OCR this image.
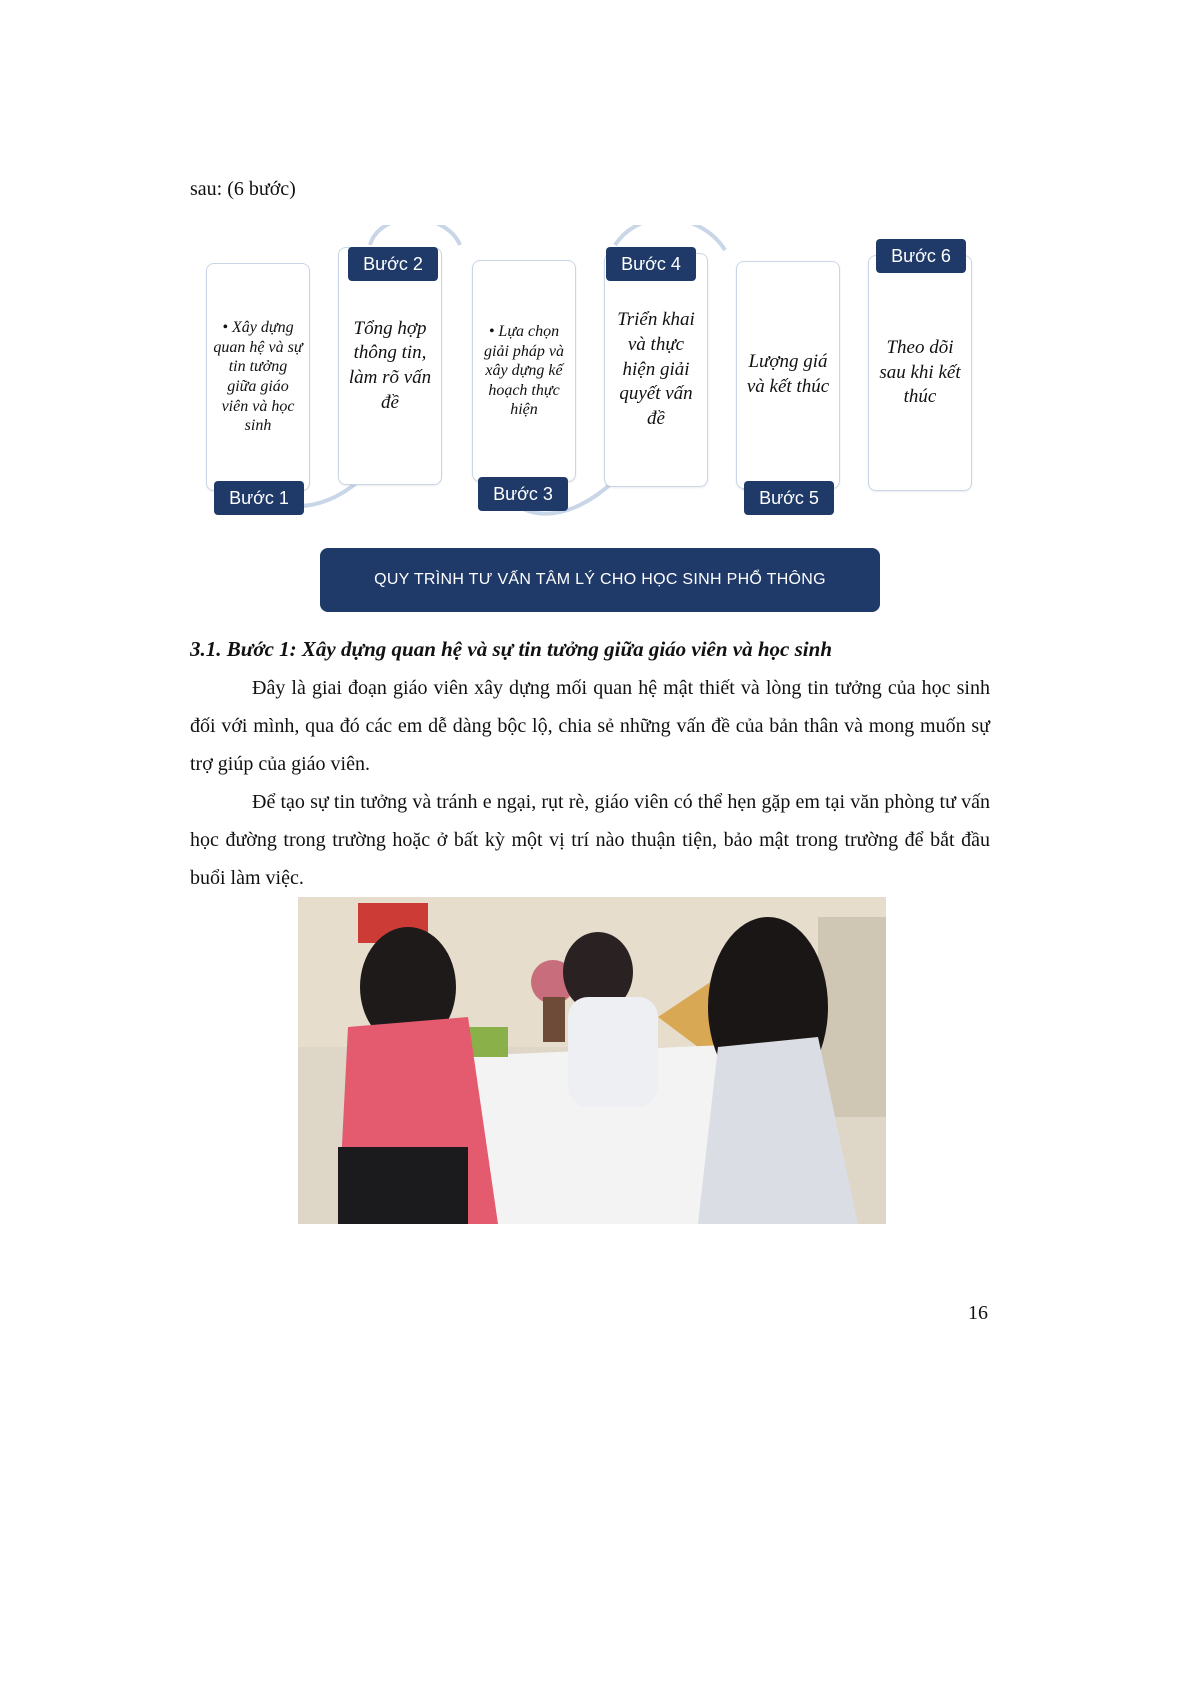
sau: (6 bước)
• Xây dựng quan hệ và sự tin tưởng giữa giáo viên và học sinh
Tổng hợp thông tin, làm rõ vấn đề
• Lựa chọn giải pháp và xây dựng kế hoạch thực hiện
Triển khai và thực hiện giải quyết vấn đề
Lượng giá và kết thúc
Theo dõi sau khi kết thúc
Bước 1
Bước 2
Bước 3
Bước 4
Bước 5
Bước 6
QUY TRÌNH TƯ VẤN TÂM LÝ CHO HỌC SINH PHỔ THÔNG
3.1. Bước 1: Xây dựng quan hệ và sự tin tưởng giữa giáo viên và học sinh
Đây là giai đoạn giáo viên xây dựng mối quan hệ mật thiết và lòng tin tưởng của học sinh đối với mình, qua đó các em dễ dàng bộc lộ, chia sẻ những vấn đề của bản thân và mong muốn sự trợ giúp của giáo viên.
Để tạo sự tin tưởng và tránh e ngại, rụt rè, giáo viên có thể hẹn gặp em tại văn phòng tư vấn học đường trong trường hoặc ở bất kỳ một vị trí nào thuận tiện, bảo mật trong trường để bắt đầu buổi làm việc.
16
